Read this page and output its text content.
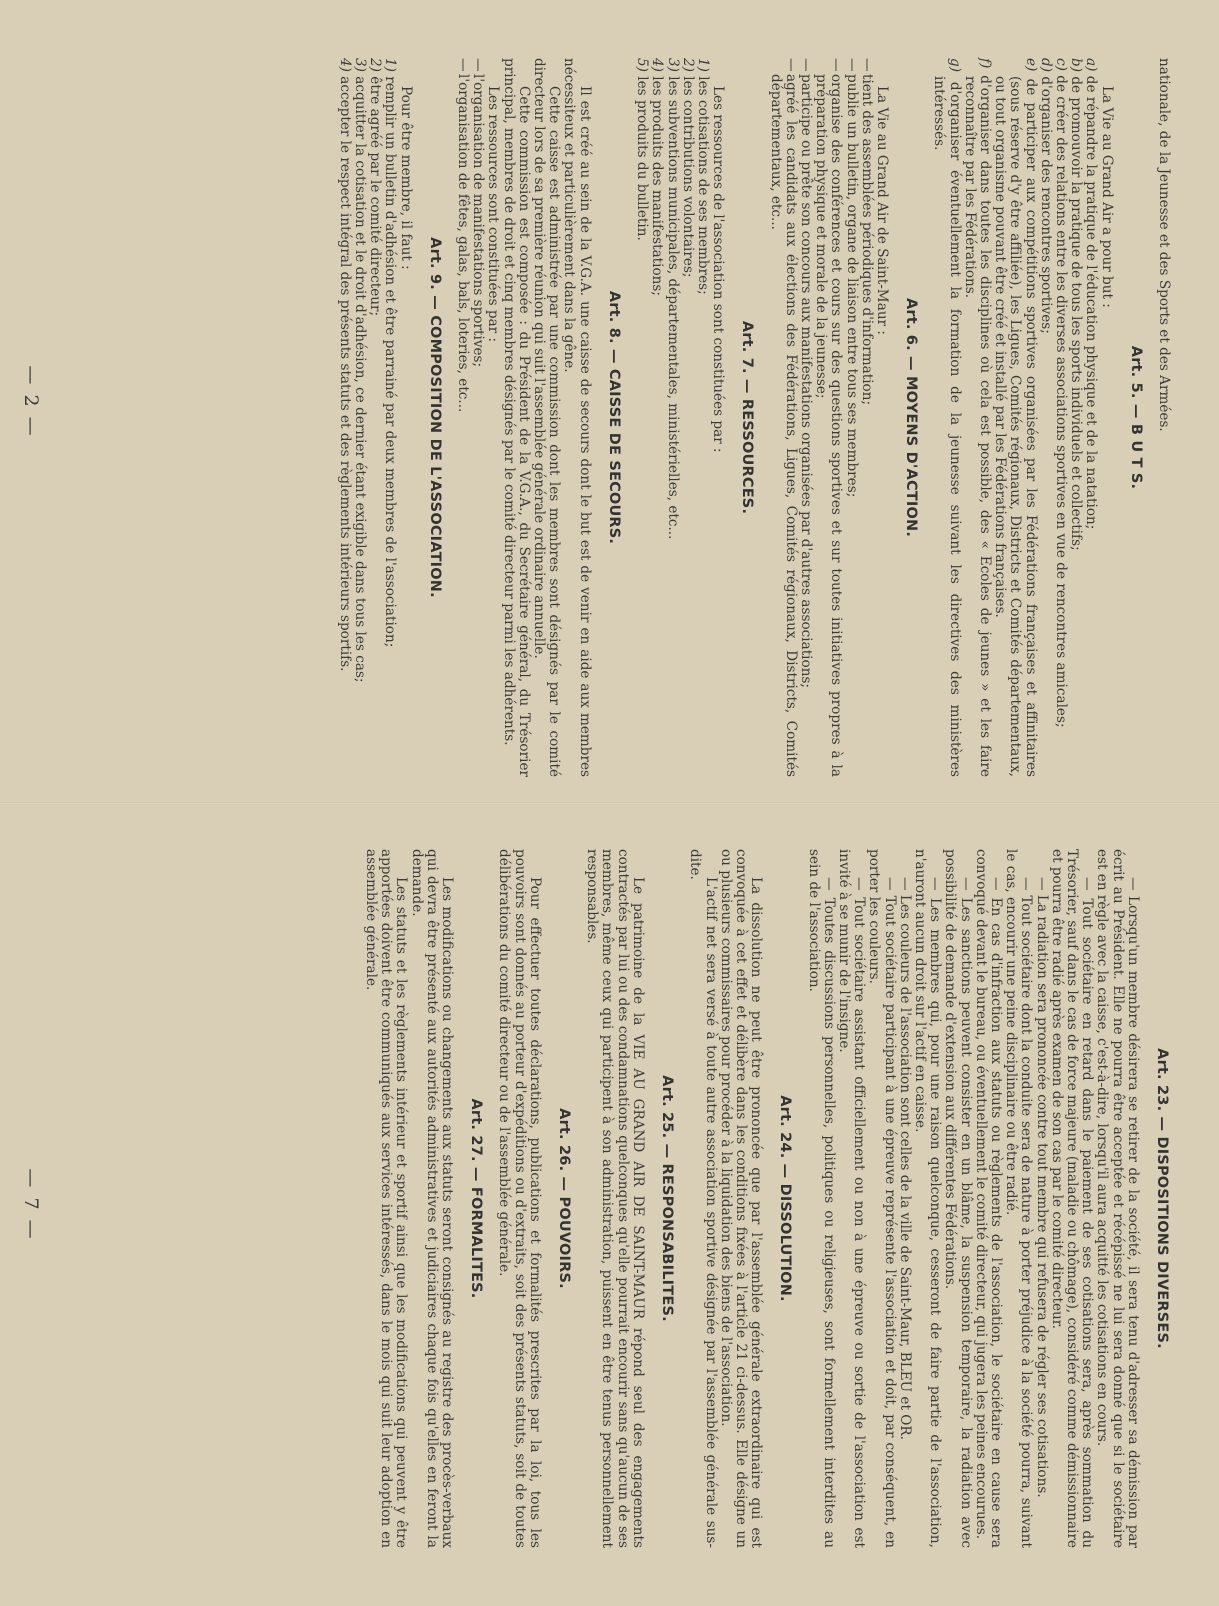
nationale, de la Jeunesse et des Sports et des Armées.

Art. 5. — B U T S.

La Vie au Grand Air a pour but :

a) de répandre la pratique de l'éducation physique et de la natation;

b) de promouvoir la pratique de tous les sports individuels et collectifs;

c) de créer des relations entre les diverses associations sportives en vue de rencontres amicales;

d) d'organiser des rencontres sportives;

e) de participer aux compétitions sportives organisées par les Fédérations françaises et affinitaires (sous réserve d'y être affiliée), les Ligues, Comités régionaux, Districts et Comités départementaux, ou tout organisme pouvant être créé et installé par les Fédérations françaises.

f) d'organiser dans toutes les disciplines où cela est possible, des « Ecoles de jeunes » et les faire reconnaître par les Fédérations.

g) d'organiser éventuellement la formation de la jeunesse suivant les directives des ministères intéressés.

Art. 6. — MOYENS D'ACTION.

La Vie au Grand Air de Saint-Maur :

—tient des assemblées périodiques d'information;

—publie un bulletin, organe de liaison entre tous ses membres;

—organise des conférences et cours sur des questions sportives et sur toutes initiatives propres à la préparation physique et morale de la jeunesse;

—participe ou prête son concours aux manifestations organisées par d'autres associations;

—agréé les candidats aux élections des Fédérations, Ligues, Comités régionaux, Districts, Comités départementaux, etc...

Art. 7. — RESSOURCES.

Les ressources de l'association sont constituées par :

1) les cotisations de ses membres;

2) les contributions volontaires;

3) les subventions municipales, départementales, ministérielles, etc...

4) les produits des manifestations;

5) les produits du bulletin.

Art. 8. — CAISSE DE SECOURS.

Il est créé au sein de la V.G.A. une caisse de secours dont le but est de venir en aide aux membres nécessiteux et particulièrement dans la gêne.

Cette caisse est administrée par une commission dont les membres sont désignés par le comité directeur lors de sa première réunion qui suit l'assemblée générale ordinaire annuelle.

Cette commission est composée : du Président de la V.G.A., du Secrétaire général, du Trésorier principal, membres de droit et cinq membres désignés par le comité directeur parmi les adhérents.

Les ressources sont constituées par :

—l'organisation de manifestations sportives;

—l'organisation de fêtes, galas, bals, loteries, etc...

Art. 9. — COMPOSITION DE L'ASSOCIATION.

Pour être membre, il faut :

1) remplir un bulletin d'adhésion et être parrainé par deux membres de l'association;

2) être agréé par le comité directeur;

3) acquitter la cotisation et le droit d'adhésion, ce dernier étant exigible dans tous les cas;

4) accepter le respect intégral des présents statuts et des règlements intérieurs sportifs.

— 2 —
Art. 23. — DISPOSITIONS DIVERSES.

— Lorsqu'un membre désirera se retirer de la société, il sera tenu d'adresser sa démission par écrit au Président. Elle ne pourra être acceptée et récépissé ne lui sera donné que si le sociétaire est en règle avec la caisse, c'est-à-dire, lorsqu'il aura acquitté les cotisations en cours.

— Tout sociétaire en retard dans le paiement de ses cotisations sera, après sommation du Trésorier, sauf dans le cas de force majeure (maladie ou chômage), considéré comme démissionnaire et pourra être radié après examen de son cas par le comité directeur.

— La radiation sera prononcée contre tout membre qui refusera de régler ses cotisations.

— Tout sociétaire dont la conduite sera de nature à porter préjudice à la société pourra, suivant le cas, encourir une peine disciplinaire ou être radié.

— En cas d'infraction aux statuts ou règlements de l'association, le sociétaire en cause sera convoqué devant le bureau, ou éventuellement le comité directeur, qui jugera les peines encourues.

— Les sanctions peuvent consister en un blâme, la suspension temporaire, la radiation avec possibilité de demande d'extension aux différentes Fédérations.

— Les membres qui, pour une raison quelconque, cesseront de faire partie de l'association, n'auront aucun droit sur l'actif en caisse.

— Les couleurs de l'association sont celles de la ville de Saint-Maur, BLEU et OR.

— Tout sociétaire participant à une épreuve représente l'association et doit, par conséquent, en porter les couleurs.

— Tout sociétaire assistant officiellement ou non à une épreuve ou sortie de l'association est invité à se munir de l'insigne.

— Toutes discussions personnelles, politiques ou religieuses, sont formellement interdites au sein de l'association.

Art. 24. — DISSOLUTION.

La dissolution ne peut être prononcée que par l'assemblée générale extraordinaire qui est convoquée à cet effet et délibère dans les conditions fixées à l'article 21 ci-dessus. Elle désigne un ou plusieurs commissaires pour procéder à la liquidation des biens de l'association.

L'actif net sera versé à toute autre association sportive désignée par l'assemblée générale sus-dite.

Art. 25. — RESPONSABILITES.

Le patrimoine de la VIE AU GRAND AIR DE SAINT-MAUR répond seul des engagements contractés par lui ou des condamnations quelconques qu'elle pourrait encourir sans qu'aucun de ses membres, même ceux qui participent à son administration, puissent en être tenus personnellement responsables.

Art. 26. — POUVOIRS.

Pour effectuer toutes déclarations, publications et formalités prescrites par la loi, tous les pouvoirs sont donnés au porteur d'expéditions ou d'extraits, soit des présents statuts, soit de toutes délibérations du comité directeur ou de l'assemblée générale.

Art. 27. — FORMALITES.

Les modifications ou changements aux statuts seront consignés au registre des procès-verbaux qui devra être présenté aux autorités administratives et judiciaires chaque fois qu'elles en feront la demande.

Les statuts et les règlements intérieur et sportif ainsi que les modifications qui peuvent y être apportées doivent être communiqués aux services intéressés, dans le mois qui suit leur adoption en assemblée générale.

— 7 —
